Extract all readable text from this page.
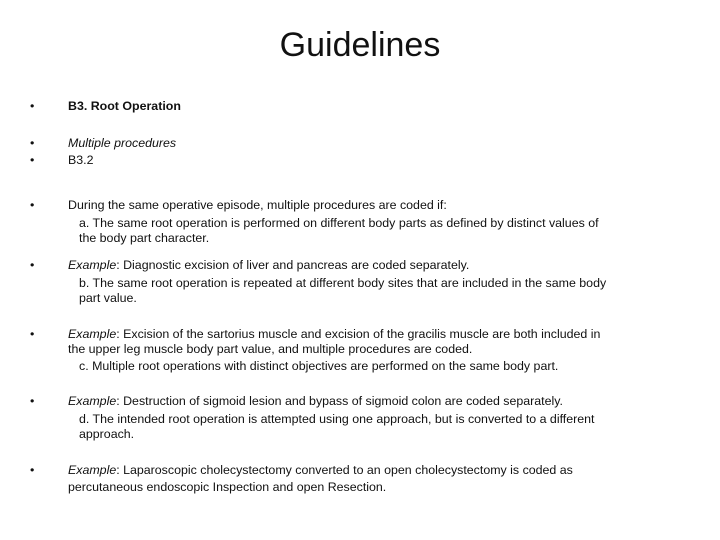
Guidelines
•	B3. Root Operation
•	Multiple procedures
•	B3.2
•	During the same operative episode, multiple procedures are coded if:
a. The same root operation is performed on different body parts as defined by distinct values of
the body part character.
•	Example: Diagnostic excision of liver and pancreas are coded separately.
b. The same root operation is repeated at different body sites that are included in the same body
part value.
•	Example: Excision of the sartorius muscle and excision of the gracilis muscle are both included in
the upper leg muscle body part value, and multiple procedures are coded.
c. Multiple root operations with distinct objectives are performed on the same body part.
•	Example: Destruction of sigmoid lesion and bypass of sigmoid colon are coded separately.
d. The intended root operation is attempted using one approach, but is converted to a different
approach.
•	Example: Laparoscopic cholecystectomy converted to an open cholecystectomy is coded as
percutaneous endoscopic Inspection and open Resection.
